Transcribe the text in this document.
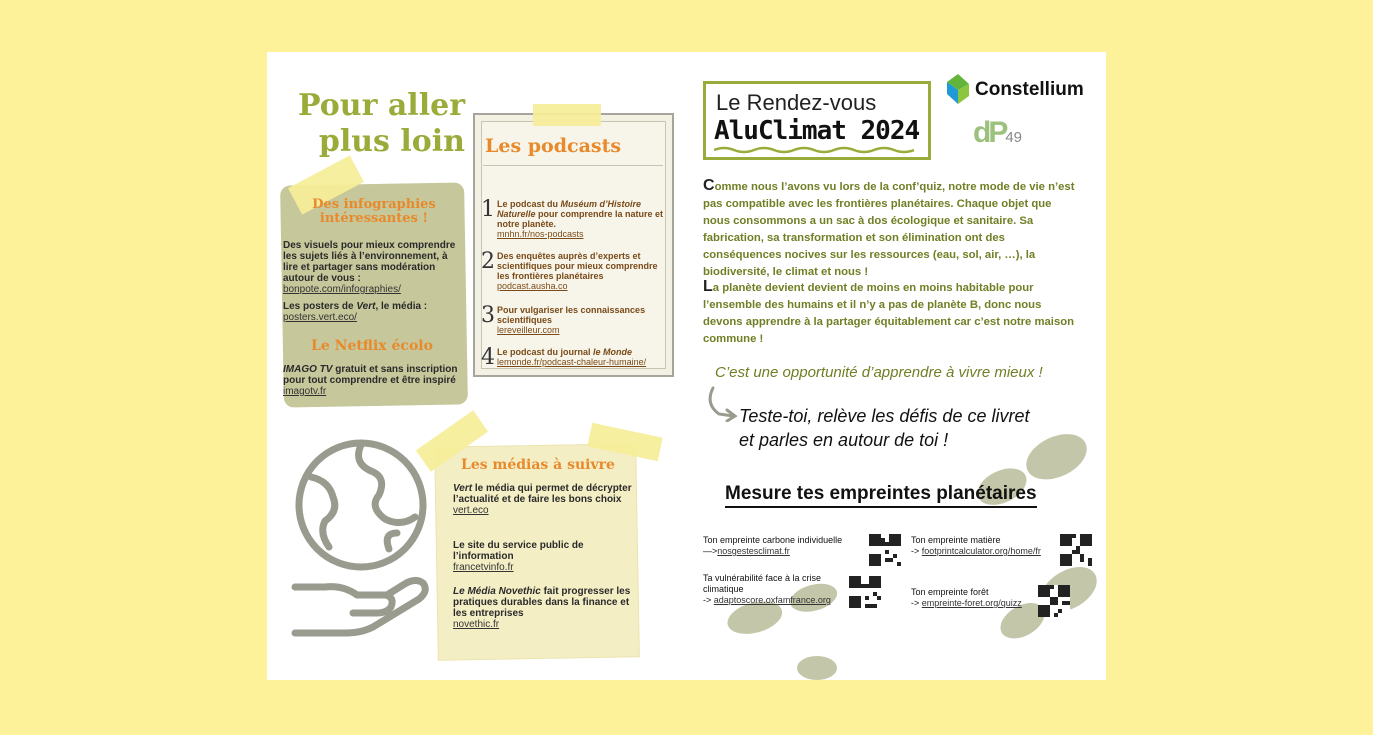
Pour aller plus loin
Des infographies intéressantes !
Des visuels pour mieux comprendre les sujets liés à l’environnement, à lire et partager sans modération autour de vous :
bonpote.com/infographies/
Les posters de Vert, le média :
posters.vert.eco/
Le Netflix écolo
IMAGO TV gratuit et sans inscription pour tout comprendre et être inspiré
imagotv.fr
Les podcasts
1 Le podcast du Muséum d’Histoire Naturelle pour comprendre la nature et notre planète.
mnhn.fr/nos-podcasts
2 Des enquêtes auprès d’experts et scientifiques pour mieux comprendre les frontières planétaires
podcast.ausha.co
3 Pour vulgariser les connaissances scientifiques
lereveilleur.com
4 Le podcast du journal le Monde
lemonde.fr/podcast-chaleur-humaine/
Les médias à suivre
Vert le média qui permet de décrypter l’actualité et de faire les bons choix
vert.eco
Le site du service public de l’information
francetvinfo.fr
Le Média Novethic fait progresser les pratiques durables dans la finance et les entreprises
novethic.fr
Le Rendez-vous
AluClimat 2024
Constellium
dP49
Comme nous l’avons vu lors de la conf’quiz, notre mode de vie n’est pas compatible avec les frontières planétaires. Chaque objet que nous consommons a un sac à dos écologique et sanitaire. Sa fabrication, sa transformation et son élimination ont des conséquences nocives sur les ressources (eau, sol, air, …), la biodiversité, le climat et nous !
La planète devient devient de moins en moins habitable pour l’ensemble des humains et il n’y a pas de planète B, donc nous devons apprendre à la partager équitablement car c’est notre maison commune !
C’est une opportunité d’apprendre à vivre mieux !
Teste-toi, relève les défis de ce livret
et parles en autour de toi !
Mesure tes empreintes planétaires
Ton empreinte carbone individuelle
—>nosgestesclimat.fr
Ton empreinte matière
-> footprintcalculator.org/home/fr
Ta vulnérabilité face à la crise climatique
-> adaptoscore.oxfamfrance.org
Ton empreinte forêt
-> empreinte-foret.org/quizz
